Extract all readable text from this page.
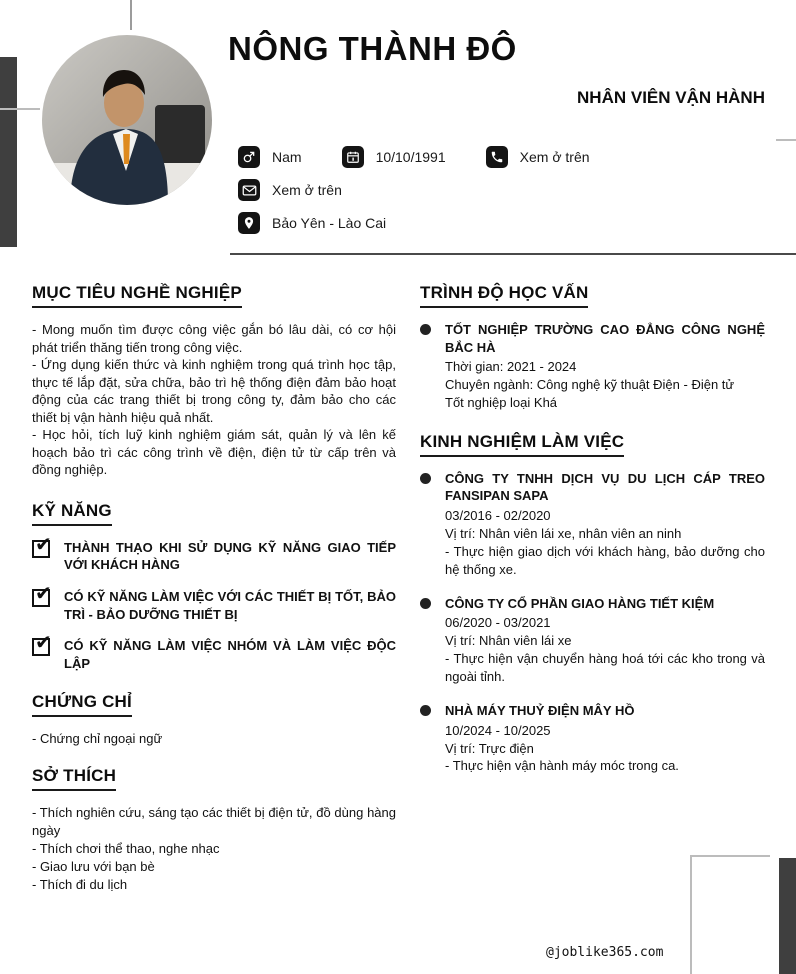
NÔNG THÀNH ĐÔ
NHÂN VIÊN VẬN HÀNH
Nam	10/10/1991	Xem ở trên
Xem ở trên
Bảo Yên - Lào Cai
MỤC TIÊU NGHỀ NGHIỆP

- Mong muốn tìm được công việc gắn bó lâu dài, có cơ hội phát triển thăng tiến trong công việc.

- Ứng dụng kiến thức và kinh nghiệm trong quá trình học tập, thực tế lắp đặt, sửa chữa, bảo trì hệ thống điện đảm bảo hoạt động của các trang thiết bị trong công ty, đảm bảo cho các thiết bị vận hành hiệu quả nhất.

- Học hỏi, tích luỹ kinh nghiệm giám sát, quản lý và lên kế hoạch bảo trì các công trình về điện, điện tử từ cấp trên và đồng nghiệp.

KỸ NĂNG
✔ THÀNH THẠO KHI SỬ DỤNG KỸ NĂNG GIAO TIẾP VỚI KHÁCH HÀNG
✔ CÓ KỸ NĂNG LÀM VIỆC VỚI CÁC THIẾT BỊ TỐT, BẢO TRÌ - BẢO DƯỠNG THIẾT BỊ
✔ CÓ KỸ NĂNG LÀM VIỆC NHÓM VÀ LÀM VIỆC ĐỘC LẬP
CHỨNG CHỈ
- Chứng chỉ ngoại ngữ
SỞ THÍCH
- Thích nghiên cứu, sáng tạo các thiết bị điện tử, đồ dùng hàng ngày
- Thích chơi thể thao, nghe nhạc
- Giao lưu với bạn bè
- Thích đi du lịch
TRÌNH ĐỘ HỌC VẤN
TỐT NGHIỆP TRƯỜNG CAO ĐẲNG CÔNG NGHỆ BẮC HÀ
Thời gian: 2021 - 2024
Chuyên ngành: Công nghệ kỹ thuật Điện - Điện tử
Tốt nghiệp loại Khá
KINH NGHIỆM LÀM VIỆC
CÔNG TY TNHH DỊCH VỤ DU LỊCH CÁP TREO FANSIPAN SAPA
03/2016 - 02/2020
Vị trí: Nhân viên lái xe, nhân viên an ninh
- Thực hiện giao dịch với khách hàng, bảo dưỡng cho hệ thống xe.
CÔNG TY CỔ PHẦN GIAO HÀNG TIẾT KIỆM
06/2020 - 03/2021
Vị trí: Nhân viên lái xe
- Thực hiện vận chuyển hàng hoá tới các kho trong và ngoài tỉnh.
NHÀ MÁY THUỶ ĐIỆN MÂY HỒ
10/2024 - 10/2025
Vị trí: Trực điện
- Thực hiện vận hành máy móc trong ca.
@joblike365.com
